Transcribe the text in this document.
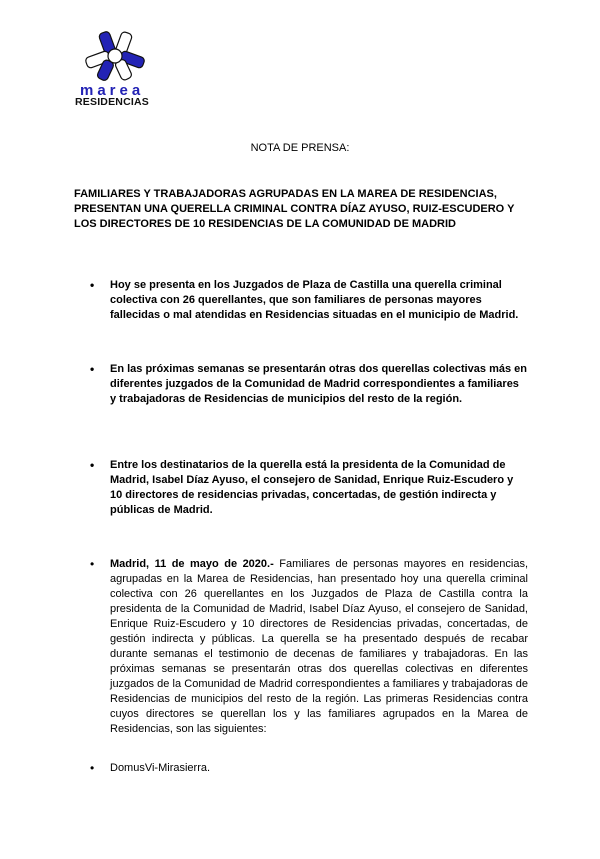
marea
RESIDENCIAS
NOTA DE PRENSA:
FAMILIARES Y TRABAJADORAS AGRUPADAS EN LA MAREA DE RESIDENCIAS, PRESENTAN UNA QUERELLA CRIMINAL CONTRA DÍAZ AYUSO, RUIZ-ESCUDERO Y LOS DIRECTORES DE 10 RESIDENCIAS DE LA COMUNIDAD DE MADRID
• Hoy se presenta en los Juzgados de Plaza de Castilla una querella criminal colectiva con 26 querellantes, que son familiares de personas mayores fallecidas o mal atendidas en Residencias situadas en el municipio de Madrid.
• En las próximas semanas se presentarán otras dos querellas colectivas más en diferentes juzgados de la Comunidad de Madrid correspondientes a familiares y trabajadoras de Residencias de municipios del resto de la región.
• Entre los destinatarios de la querella está la presidenta de la Comunidad de Madrid, Isabel Díaz Ayuso, el consejero de Sanidad, Enrique Ruiz-Escudero y 10 directores de residencias privadas, concertadas, de gestión indirecta y públicas de Madrid.
• Madrid, 11 de mayo de 2020.- Familiares de personas mayores en residencias, agrupadas en la Marea de Residencias, han presentado hoy una querella criminal colectiva con 26 querellantes en los Juzgados de Plaza de Castilla contra la presidenta de la Comunidad de Madrid, Isabel Díaz Ayuso, el consejero de Sanidad, Enrique Ruiz-Escudero y 10 directores de Residencias privadas, concertadas, de gestión indirecta y públicas. La querella se ha presentado después de recabar durante semanas el testimonio de decenas de familiares y trabajadoras. En las próximas semanas se presentarán otras dos querellas colectivas en diferentes juzgados de la Comunidad de Madrid correspondientes a familiares y trabajadoras de Residencias de municipios del resto de la región. Las primeras Residencias contra cuyos directores se querellan los y las familiares agrupados en la Marea de Residencias, son las siguientes:
• DomusVi-Mirasierra.
